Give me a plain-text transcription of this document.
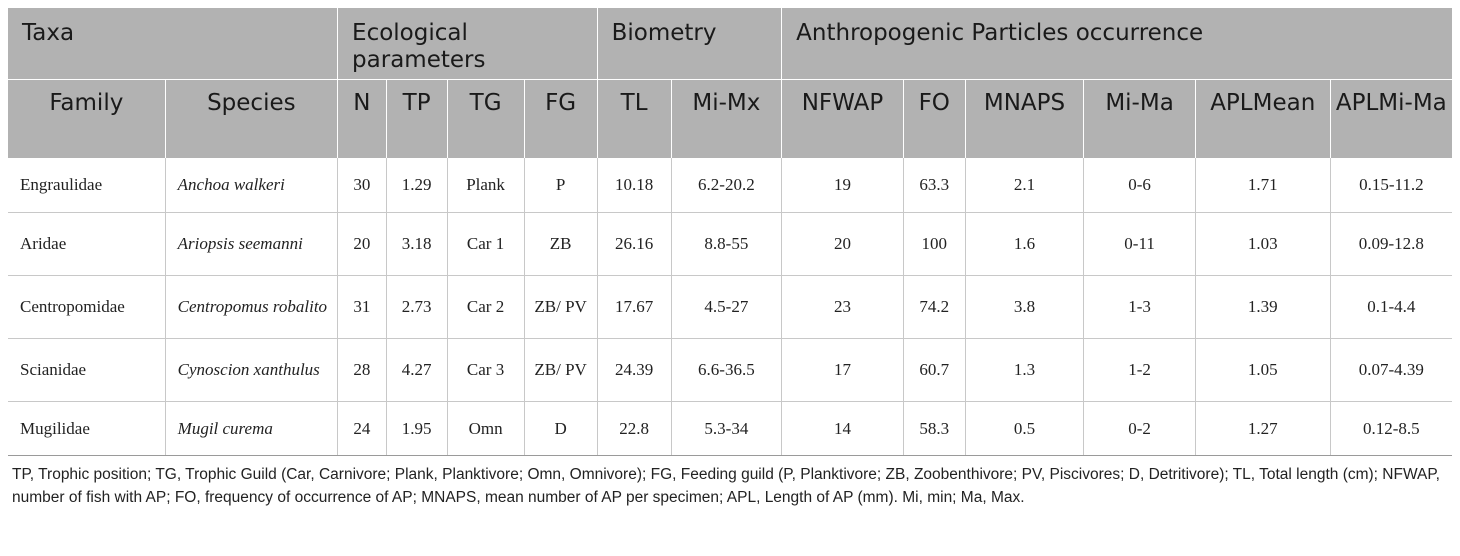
Taxa		Ecological parameters				Biometry		Anthropogenic Particles occurrence					
Family	Species	N	TP	TG	FG	TL	Mi-Mx	NFWAP	FO	MNAPS	Mi-Ma	APLMean	APLMi-Ma
Engraulidae	Anchoa walkeri	30	1.29	Plank	P	10.18	6.2-20.2	19	63.3	2.1	0-6	1.71	0.15-11.2
Aridae	Ariopsis seemanni	20	3.18	Car 1	ZB	26.16	8.8-55	20	100	1.6	0-11	1.03	0.09-12.8
Centropomidae	Centropomus robalito	31	2.73	Car 2	ZB/ PV	17.67	4.5-27	23	74.2	3.8	1-3	1.39	0.1-4.4
Scianidae	Cynoscion xanthulus	28	4.27	Car 3	ZB/ PV	24.39	6.6-36.5	17	60.7	1.3	1-2	1.05	0.07-4.39
Mugilidae	Mugil curema	24	1.95	Omn	D	22.8	5.3-34	14	58.3	0.5	0-2	1.27	0.12-8.5
TP, Trophic position; TG, Trophic Guild (Car, Carnivore; Plank, Planktivore; Omn, Omnivore); FG, Feeding guild (P, Planktivore; ZB, Zoobenthivore; PV, Piscivores; D, Detritivore); TL, Total length (cm); NFWAP, number of fish with AP; FO, frequency of occurrence of AP; MNAPS, mean number of AP per specimen; APL, Length of AP (mm). Mi, min; Ma, Max.
